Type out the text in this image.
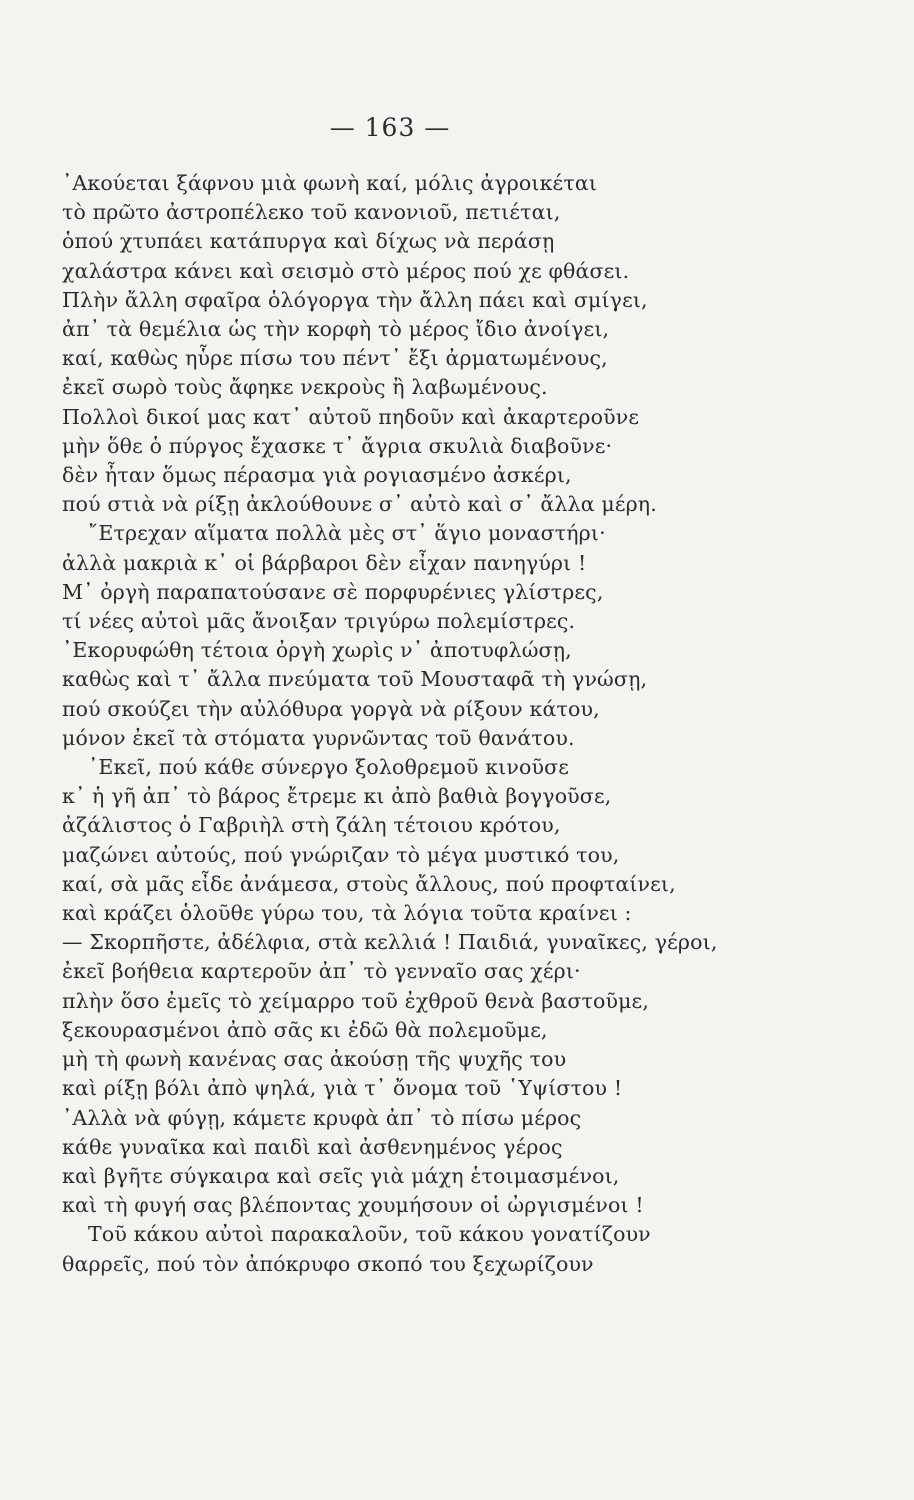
— 163 —
᾿Ακούεται ξάφνου μιὰ φωνὴ καί, μόλις ἀγροικέται
τὸ πρῶτο ἀστροπέλεκο τοῦ κανονιοῦ, πετιέται,
ὁπού χτυπάει κατάπυργα καὶ δίχως νὰ περάσῃ
χαλάστρα κάνει καὶ σεισμὸ στὸ μέρος πού χε φθάσει.
Πλὴν ἄλλη σφαῖρα ὁλόγοργα τὴν ἄλλη πάει καὶ σμίγει,
ἀπ᾿ τὰ θεμέλια ὡς τὴν κορφὴ τὸ μέρος ἴδιο ἀνοίγει,
καί, καθὼς ηὗρε πίσω του πέντ᾿ ἔξι ἀρματωμένους,
ἐκεῖ σωρὸ τοὺς ἄφηκε νεκροὺς ἢ λαβωμένους.
Πολλοὶ δικοί μας κατ᾿ αὐτοῦ πηδοῦν καὶ ἀκαρτεροῦνε
μὴν ὅθε ὁ πύργος ἔχασκε τ᾿ ἄγρια σκυλιὰ διαβοῦνε·
δὲν ἦταν ὅμως πέρασμα γιὰ ρογιασμένο ἀσκέρι,
πού στιὰ νὰ ρίξῃ ἀκλούθουνε σ᾿ αὐτὸ καὶ σ᾿ ἄλλα μέρη.
῎Ετρεχαν αἵματα πολλὰ μὲς στ᾿ ἅγιο μοναστήρι·
ἀλλὰ μακριὰ κ᾿ οἱ βάρβαροι δὲν εἶχαν πανηγύρι !
Μ᾿ ὀργὴ παραπατούσανε σὲ πορφυρένιες γλίστρες,
τί νέες αὐτοὶ μᾶς ἄνοιξαν τριγύρω πολεμίστρες.
᾿Εκορυφώθη τέτοια ὀργὴ χωρὶς ν᾿ ἀποτυφλώσῃ,
καθὼς καὶ τ᾿ ἄλλα πνεύματα τοῦ Μουσταφᾶ τὴ γνώσῃ,
πού σκούζει τὴν αὐλόθυρα γοργὰ νὰ ρίξουν κάτου,
μόνον ἐκεῖ τὰ στόματα γυρνῶντας τοῦ θανάτου.
᾿Εκεῖ, πού κάθε σύνεργο ξολοθρεμοῦ κινοῦσε
κ᾿ ἡ γῆ ἀπ᾿ τὸ βάρος ἔτρεμε κι ἀπὸ βαθιὰ βογγοῦσε,
ἀζάλιστος ὁ Γαβριὴλ στὴ ζάλη τέτοιου κρότου,
μαζώνει αὐτούς, πού γνώριζαν τὸ μέγα μυστικό του,
καί, σὰ μᾶς εἶδε ἀνάμεσα, στοὺς ἄλλους, πού προφταίνει,
καὶ κράζει ὁλοῦθε γύρω του, τὰ λόγια τοῦτα κραίνει :
— Σκορπῆστε, ἀδέλφια, στὰ κελλιά ! Παιδιά, γυναῖκες, γέροι,
ἐκεῖ βοήθεια καρτεροῦν ἀπ᾿ τὸ γενναῖο σας χέρι·
πλὴν ὅσο ἐμεῖς τὸ χείμαρρο τοῦ ἐχθροῦ θενὰ βαστοῦμε,
ξεκουρασμένοι ἀπὸ σᾶς κι ἐδῶ θὰ πολεμοῦμε,
μὴ τὴ φωνὴ κανένας σας ἀκούσῃ τῆς ψυχῆς του
καὶ ρίξῃ βόλι ἀπὸ ψηλά, γιὰ τ᾿ ὄνομα τοῦ ῾Υψίστου !
᾿Αλλὰ νὰ φύγῃ, κάμετε κρυφὰ ἀπ᾿ τὸ πίσω μέρος
κάθε γυναῖκα καὶ παιδὶ καὶ ἀσθενημένος γέρος
καὶ βγῆτε σύγκαιρα καὶ σεῖς γιὰ μάχη ἑτοιμασμένοι,
καὶ τὴ φυγή σας βλέποντας χουμήσουν οἱ ὠργισμένοι !
Τοῦ κάκου αὐτοὶ παρακαλοῦν, τοῦ κάκου γονατίζουν
θαρρεῖς, πού τὸν ἀπόκρυφο σκοπό του ξεχωρίζουν
